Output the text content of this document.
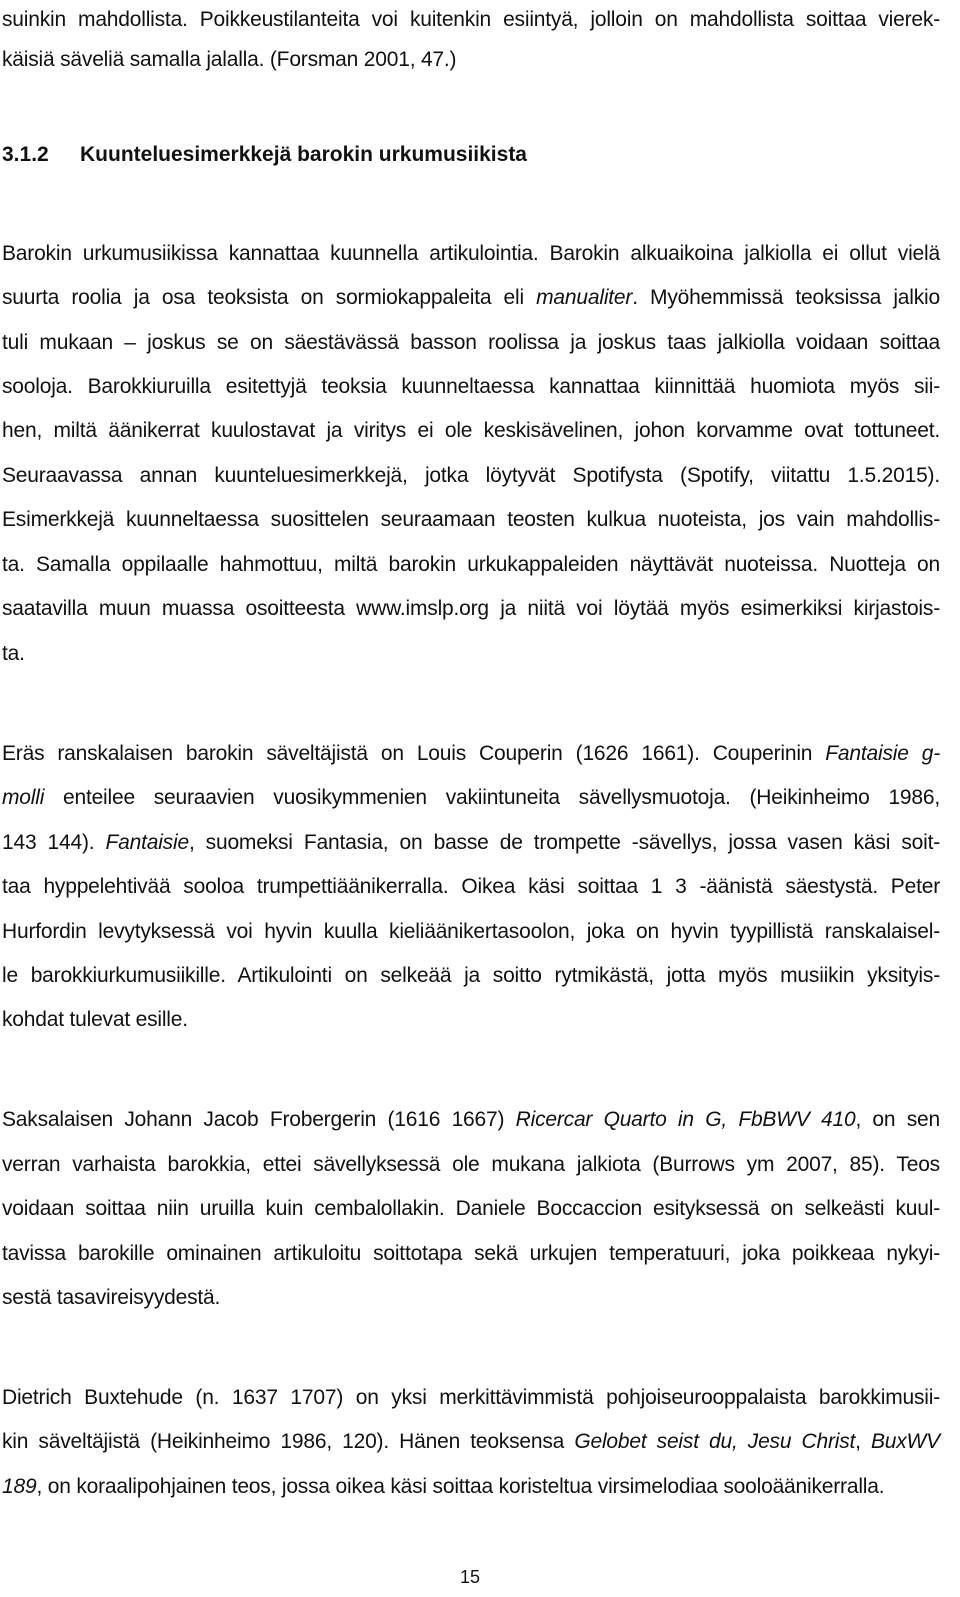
suinkin mahdollista. Poikkeustilanteita voi kuitenkin esiintyä, jolloin on mahdollista soittaa vierek-
käisiä säveliä samalla jalalla. (Forsman 2001, 47.)
3.1.2 Kuunteluesimerkkejä barokin urkumusiikista
Barokin urkumusiikissa kannattaa kuunnella artikulointia. Barokin alkuaikoina jalkiolla ei ollut vielä
suurta roolia ja osa teoksista on sormiokappaleita eli manualiter. Myöhemmissä teoksissa jalkio
tuli mukaan – joskus se on säestävässä basson roolissa ja joskus taas jalkiolla voidaan soittaa
sooloja. Barokkiuruilla esitettyjä teoksia kuunneltaessa kannattaa kiinnittää huomiota myös sii-
hen, miltä äänikerrat kuulostavat ja viritys ei ole keskisävelinen, johon korvamme ovat tottuneet.
Seuraavassa annan kuunteluesimerkkejä, jotka löytyvät Spotifysta (Spotify, viitattu 1.5.2015).
Esimerkkejä kuunneltaessa suosittelen seuraamaan teosten kulkua nuoteista, jos vain mahdollis-
ta. Samalla oppilaalle hahmottuu, miltä barokin urkukappaleiden näyttävät nuoteissa. Nuotteja on
saatavilla muun muassa osoitteesta www.imslp.org ja niitä voi löytää myös esimerkiksi kirjastois-
ta.
Eräs ranskalaisen barokin säveltäjistä on Louis Couperin (1626 1661). Couperinin Fantaisie g-
molli enteilee seuraavien vuosikymmenien vakiintuneita sävellysmuotoja. (Heikinheimo 1986,
143 144). Fantaisie, suomeksi Fantasia, on basse de trompette -sävellys, jossa vasen käsi soit-
taa hyppelehtivää sooloa trumpettiäänikerralla. Oikea käsi soittaa 1 3 -äänistä säestystä. Peter
Hurfordin levytyksessä voi hyvin kuulla kieliäänikertasoolon, joka on hyvin tyypillistä ranskalaisel-
le barokkiurkumusiikille. Artikulointi on selkeää ja soitto rytmikästä, jotta myös musiikin yksityis-
kohdat tulevat esille.
Saksalaisen Johann Jacob Frobergerin (1616 1667) Ricercar Quarto in G, FbBWV 410, on sen
verran varhaista barokkia, ettei sävellyksessä ole mukana jalkiota (Burrows ym 2007, 85). Teos
voidaan soittaa niin uruilla kuin cembalollakin. Daniele Boccaccion esityksessä on selkeästi kuul-
tavissa barokille ominainen artikuloitu soittotapa sekä urkujen temperatuuri, joka poikkeaa nykyi-
sestä tasavireisyydestä.
Dietrich Buxtehude (n. 1637 1707) on yksi merkittävimmistä pohjoiseurooppalaista barokkimusii-
kin säveltäjistä (Heikinheimo 1986, 120). Hänen teoksensa Gelobet seist du, Jesu Christ, BuxWV
189, on koraalipohjainen teos, jossa oikea käsi soittaa koristeltua virsimelodiaa sooloäänikerralla.
15
